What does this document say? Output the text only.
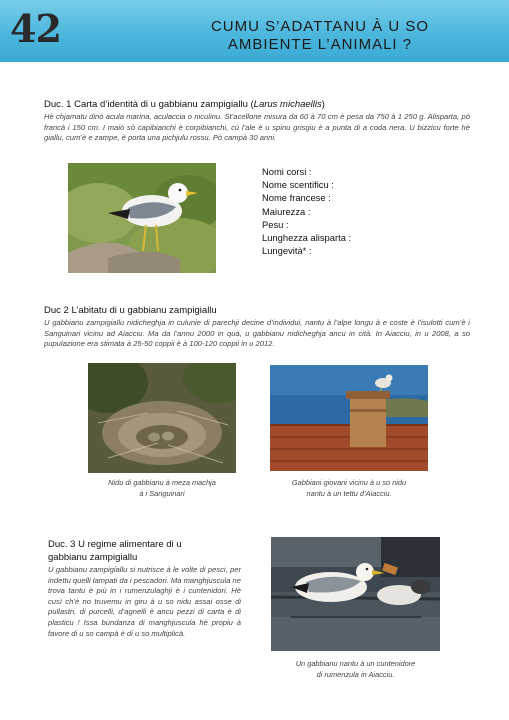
42	CUMU S’ADATTANU À U SO
AMBIENTE L’ANIMALI ?
Duc. 1 Carta d’identità di u gabbianu zampigiallu (Larus michaellis)
Hè chjamatu dinò acula marina, aculaccia o niculinu. St’acellone misura da 60 à 70 cm è pesa da 750 à 1 250 g. Alisparta, pò francà i 150 cm. I maiò sò capibianchi è corpibianchi, cù l’ale è u spinu grisgiu è a punta di a coda nera. U bizzicu forte hè giallu, cum’è e zampe, è porta una pichjulu rossu. Pò campà 30 anni.
Nomi corsi :
Nome scentificu :
Nome francese :
Maiurezza :
Pesu :
Lunghezza alisparta :
Lungevità* :
Duc 2 L’abitatu di u gabbianu zampigiallu
U gabbianu zampigiallu nidicheghja in culunie di parechji decine d’individui, nantu à l’alpe longu à e coste è l’isulotti cum’è i Sanguinari vicinu ad Aiacciu. Ma da l’annu 2000 in quà, u gabbianu nidicheghja ancu in cità. In Aiacciu, in u 2008, a so pupulazione era stimata à 25-50 coppii è à 100-120 coppii in u 2012.
Nidu di gabbianu à meza machja
à i Sanguinari
Gabbiani giovani vicinu à u so nidu
nantu à un tettu d’Aiacciu.
Duc. 3 U regime alimentare di u
gabbianu zampigiallu
U gabbianu zampigiallu si nutrisce à le volte di pesci, per indettu quelli lampati da i pescadori. Ma manghjuscula ne trova tantu è più in i rumenzulaghji è i cuntenidori. Hè cusì ch’è no truvemu in giru à u so nidu assai osse di pullastri, di purcelli, d’agnelli è ancu pezzi di carta è di plasticu ! Issa bundanza di manghjuscula hè propiu à favore di u so campà è di u so multiplicà.
Un gabbianu nantu à un cuntenidore
di rumenzula in Aiacciu.
